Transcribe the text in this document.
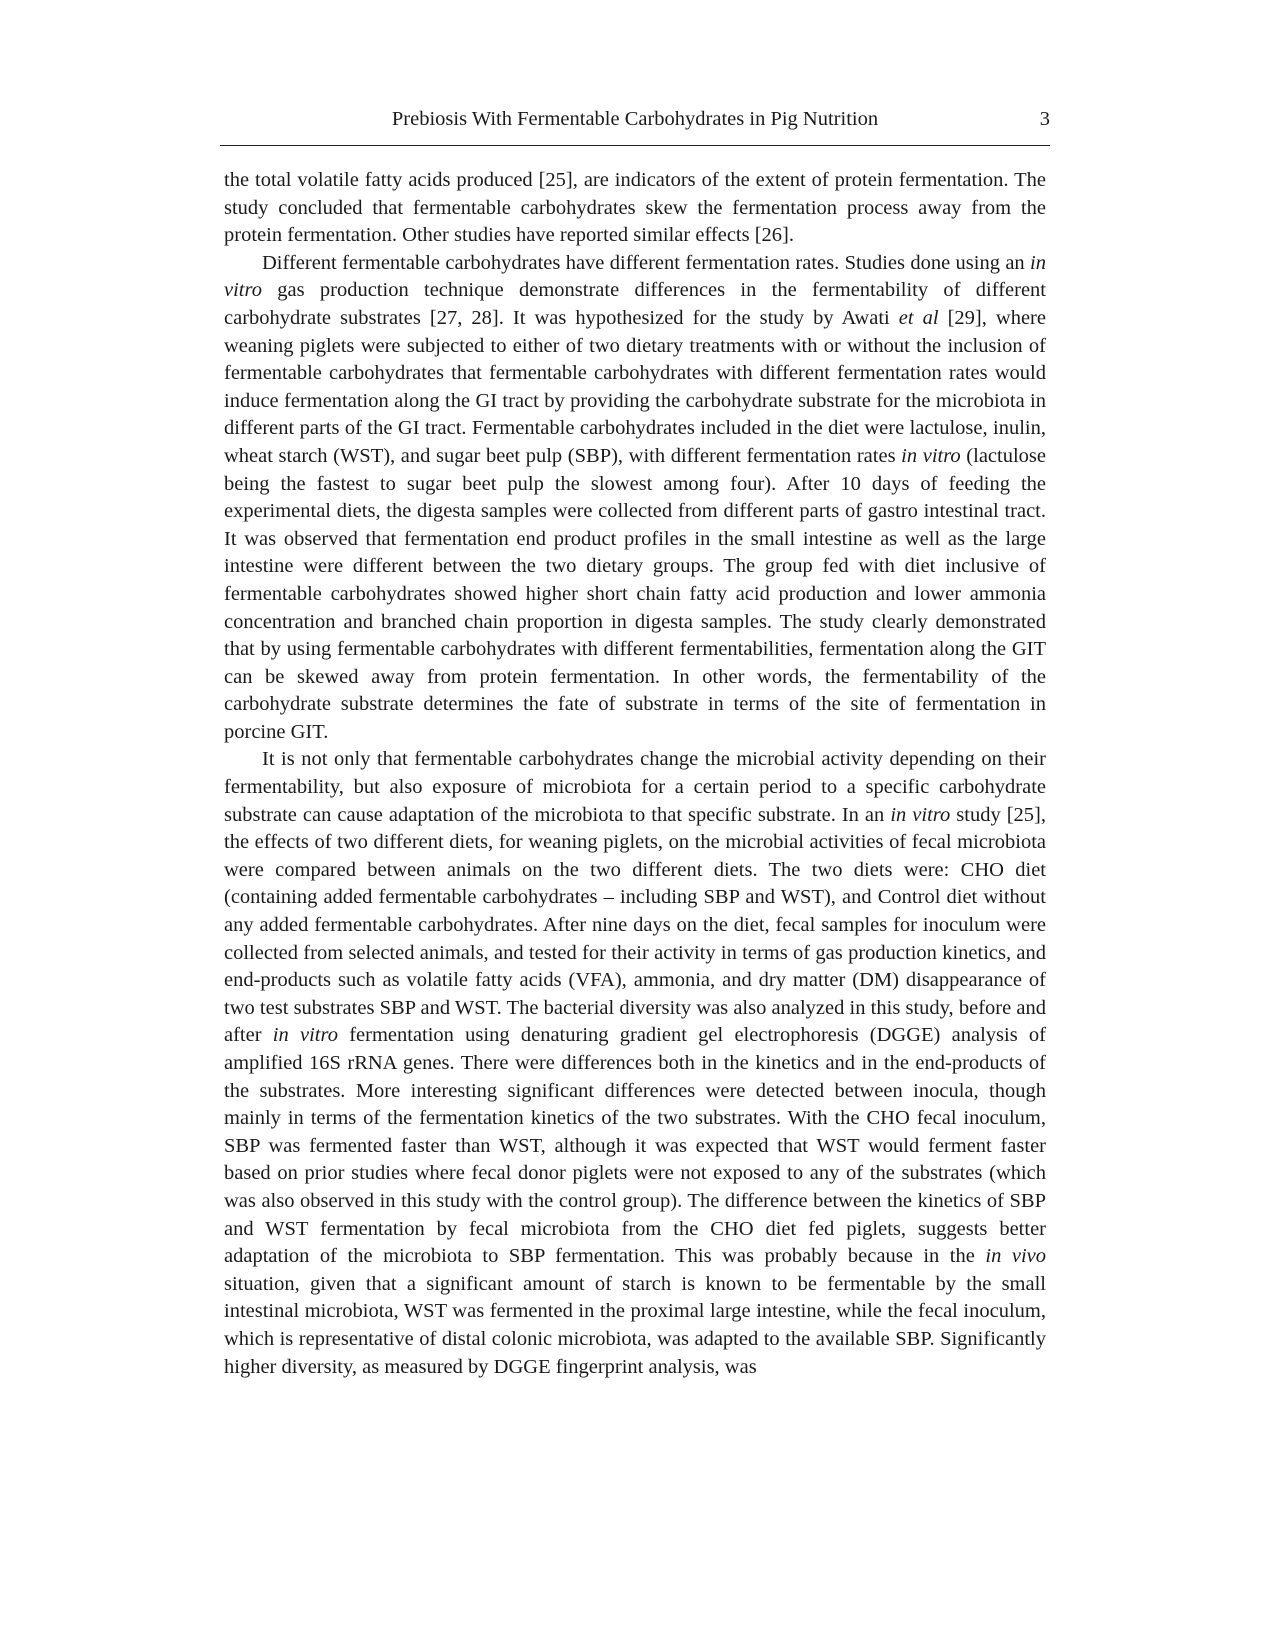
Prebiosis With Fermentable Carbohydrates in Pig Nutrition	3

the total volatile fatty acids produced [25], are indicators of the extent of protein fermentation. The study concluded that fermentable carbohydrates skew the fermentation process away from the protein fermentation. Other studies have reported similar effects [26].

Different fermentable carbohydrates have different fermentation rates. Studies done using an in vitro gas production technique demonstrate differences in the fermentability of different carbohydrate substrates [27, 28]. It was hypothesized for the study by Awati et al [29], where weaning piglets were subjected to either of two dietary treatments with or without the inclusion of fermentable carbohydrates that fermentable carbohydrates with different fermentation rates would induce fermentation along the GI tract by providing the carbohydrate substrate for the microbiota in different parts of the GI tract. Fermentable carbohydrates included in the diet were lactulose, inulin, wheat starch (WST), and sugar beet pulp (SBP), with different fermentation rates in vitro (lactulose being the fastest to sugar beet pulp the slowest among four). After 10 days of feeding the experimental diets, the digesta samples were collected from different parts of gastro intestinal tract. It was observed that fermentation end product profiles in the small intestine as well as the large intestine were different between the two dietary groups. The group fed with diet inclusive of fermentable carbohydrates showed higher short chain fatty acid production and lower ammonia concentration and branched chain proportion in digesta samples. The study clearly demonstrated that by using fermentable carbohydrates with different fermentabilities, fermentation along the GIT can be skewed away from protein fermentation. In other words, the fermentability of the carbohydrate substrate determines the fate of substrate in terms of the site of fermentation in porcine GIT.

It is not only that fermentable carbohydrates change the microbial activity depending on their fermentability, but also exposure of microbiota for a certain period to a specific carbohydrate substrate can cause adaptation of the microbiota to that specific substrate. In an in vitro study [25], the effects of two different diets, for weaning piglets, on the microbial activities of fecal microbiota were compared between animals on the two different diets. The two diets were: CHO diet (containing added fermentable carbohydrates – including SBP and WST), and Control diet without any added fermentable carbohydrates. After nine days on the diet, fecal samples for inoculum were collected from selected animals, and tested for their activity in terms of gas production kinetics, and end-products such as volatile fatty acids (VFA), ammonia, and dry matter (DM) disappearance of two test substrates SBP and WST. The bacterial diversity was also analyzed in this study, before and after in vitro fermentation using denaturing gradient gel electrophoresis (DGGE) analysis of amplified 16S rRNA genes. There were differences both in the kinetics and in the end-products of the substrates. More interesting significant differences were detected between inocula, though mainly in terms of the fermentation kinetics of the two substrates. With the CHO fecal inoculum, SBP was fermented faster than WST, although it was expected that WST would ferment faster based on prior studies where fecal donor piglets were not exposed to any of the substrates (which was also observed in this study with the control group). The difference between the kinetics of SBP and WST fermentation by fecal microbiota from the CHO diet fed piglets, suggests better adaptation of the microbiota to SBP fermentation. This was probably because in the in vivo situation, given that a significant amount of starch is known to be fermentable by the small intestinal microbiota, WST was fermented in the proximal large intestine, while the fecal inoculum, which is representative of distal colonic microbiota, was adapted to the available SBP. Significantly higher diversity, as measured by DGGE fingerprint analysis, was
